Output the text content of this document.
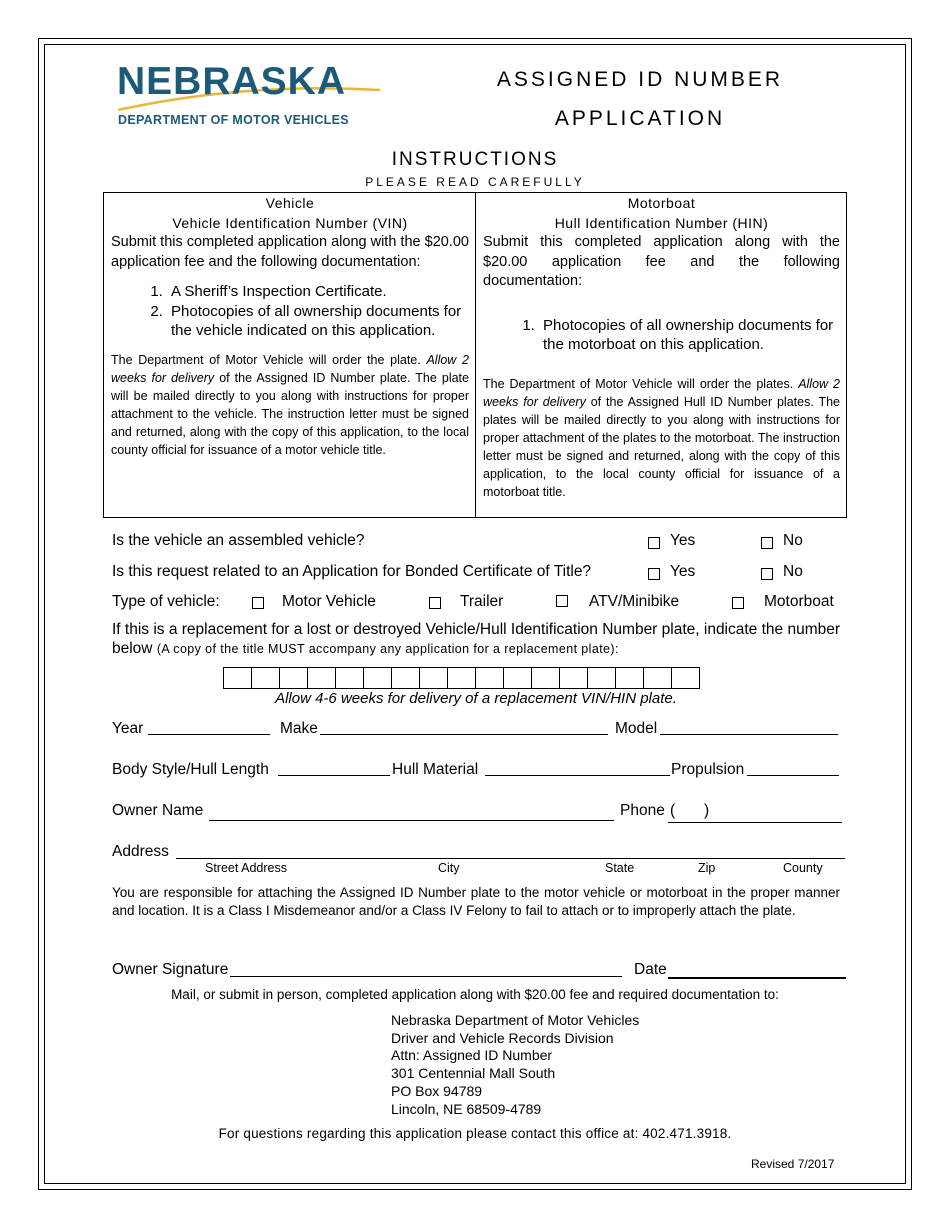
NEBRASKA
DEPARTMENT OF MOTOR VEHICLES
ASSIGNED ID NUMBER
APPLICATION
INSTRUCTIONS
PLEASE READ CAREFULLY
Vehicle
Vehicle Identification Number (VIN)
Submit this completed application along with the $20.00 application fee and the following documentation:
1. A Sheriff’s Inspection Certificate.
2. Photocopies of all ownership documents for the vehicle indicated on this application.
The Department of Motor Vehicle will order the plate. Allow 2 weeks for delivery of the Assigned ID Number plate. The plate will be mailed directly to you along with instructions for proper attachment to the vehicle. The instruction letter must be signed and returned, along with the copy of this application, to the local county official for issuance of a motor vehicle title.
Motorboat
Hull Identification Number (HIN)
Submit this completed application along with the $20.00 application fee and the following documentation:
1. Photocopies of all ownership documents for the motorboat on this application.
The Department of Motor Vehicle will order the plates. Allow 2 weeks for delivery of the Assigned Hull ID Number plates. The plates will be mailed directly to you along with instructions for proper attachment of the plates to the motorboat. The instruction letter must be signed and returned, along with the copy of this application, to the local county official for issuance of a motorboat title.
Is the vehicle an assembled vehicle?	Yes	No
Is this request related to an Application for Bonded Certificate of Title?	Yes	No
Type of vehicle:	Motor Vehicle	Trailer	ATV/Minibike	Motorboat
If this is a replacement for a lost or destroyed Vehicle/Hull Identification Number plate, indicate the number below (A copy of the title MUST accompany any application for a replacement plate):
Allow 4-6 weeks for delivery of a replacement VIN/HIN plate.
Year	Make	Model
Body Style/Hull Length	Hull Material	Propulsion
Owner Name	Phone ( )
Address
Street Address	City	State	Zip	County
You are responsible for attaching the Assigned ID Number plate to the motor vehicle or motorboat in the proper manner and location. It is a Class I Misdemeanor and/or a Class IV Felony to fail to attach or to improperly attach the plate.
Owner Signature	Date
Mail, or submit in person, completed application along with $20.00 fee and required documentation to:
Nebraska Department of Motor Vehicles
Driver and Vehicle Records Division
Attn: Assigned ID Number
301 Centennial Mall South
PO Box 94789
Lincoln, NE 68509-4789
For questions regarding this application please contact this office at: 402.471.3918.
Revised 7/2017
